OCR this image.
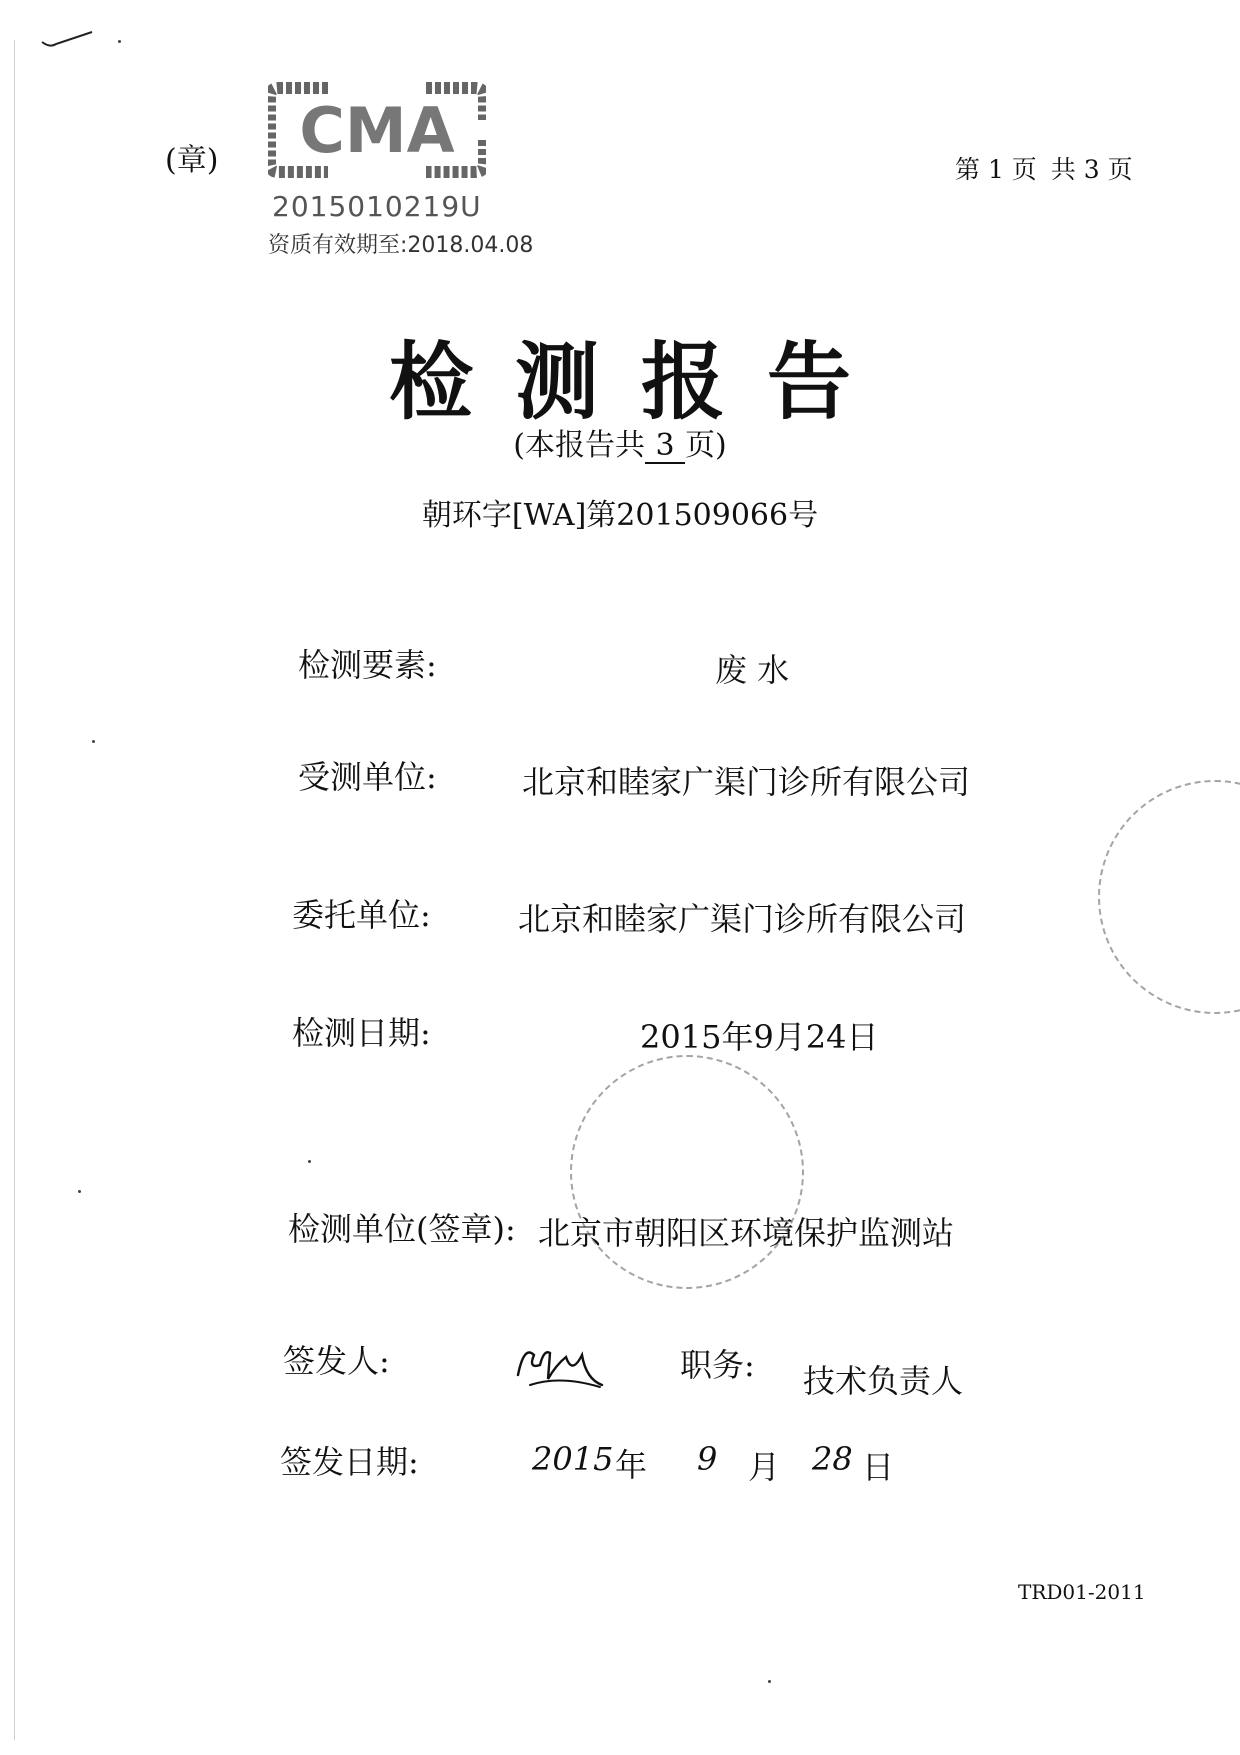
(章) CMA
2015010219U
资质有效期至:2018.04.08
第 1 页 共 3 页
检测报告
(本报告共 3 页)
朝环字[WA]第201509066号
检测要素:	废 水
受测单位:	北京和睦家广渠门诊所有限公司
委托单位:	北京和睦家广渠门诊所有限公司
检测日期:	2015年9月24日
检测单位(签章): 北京市朝阳区环境保护监测站
签发人:	职务: 技术负责人
签发日期:	2015 年 9 月 28 日
TRD01-2011
